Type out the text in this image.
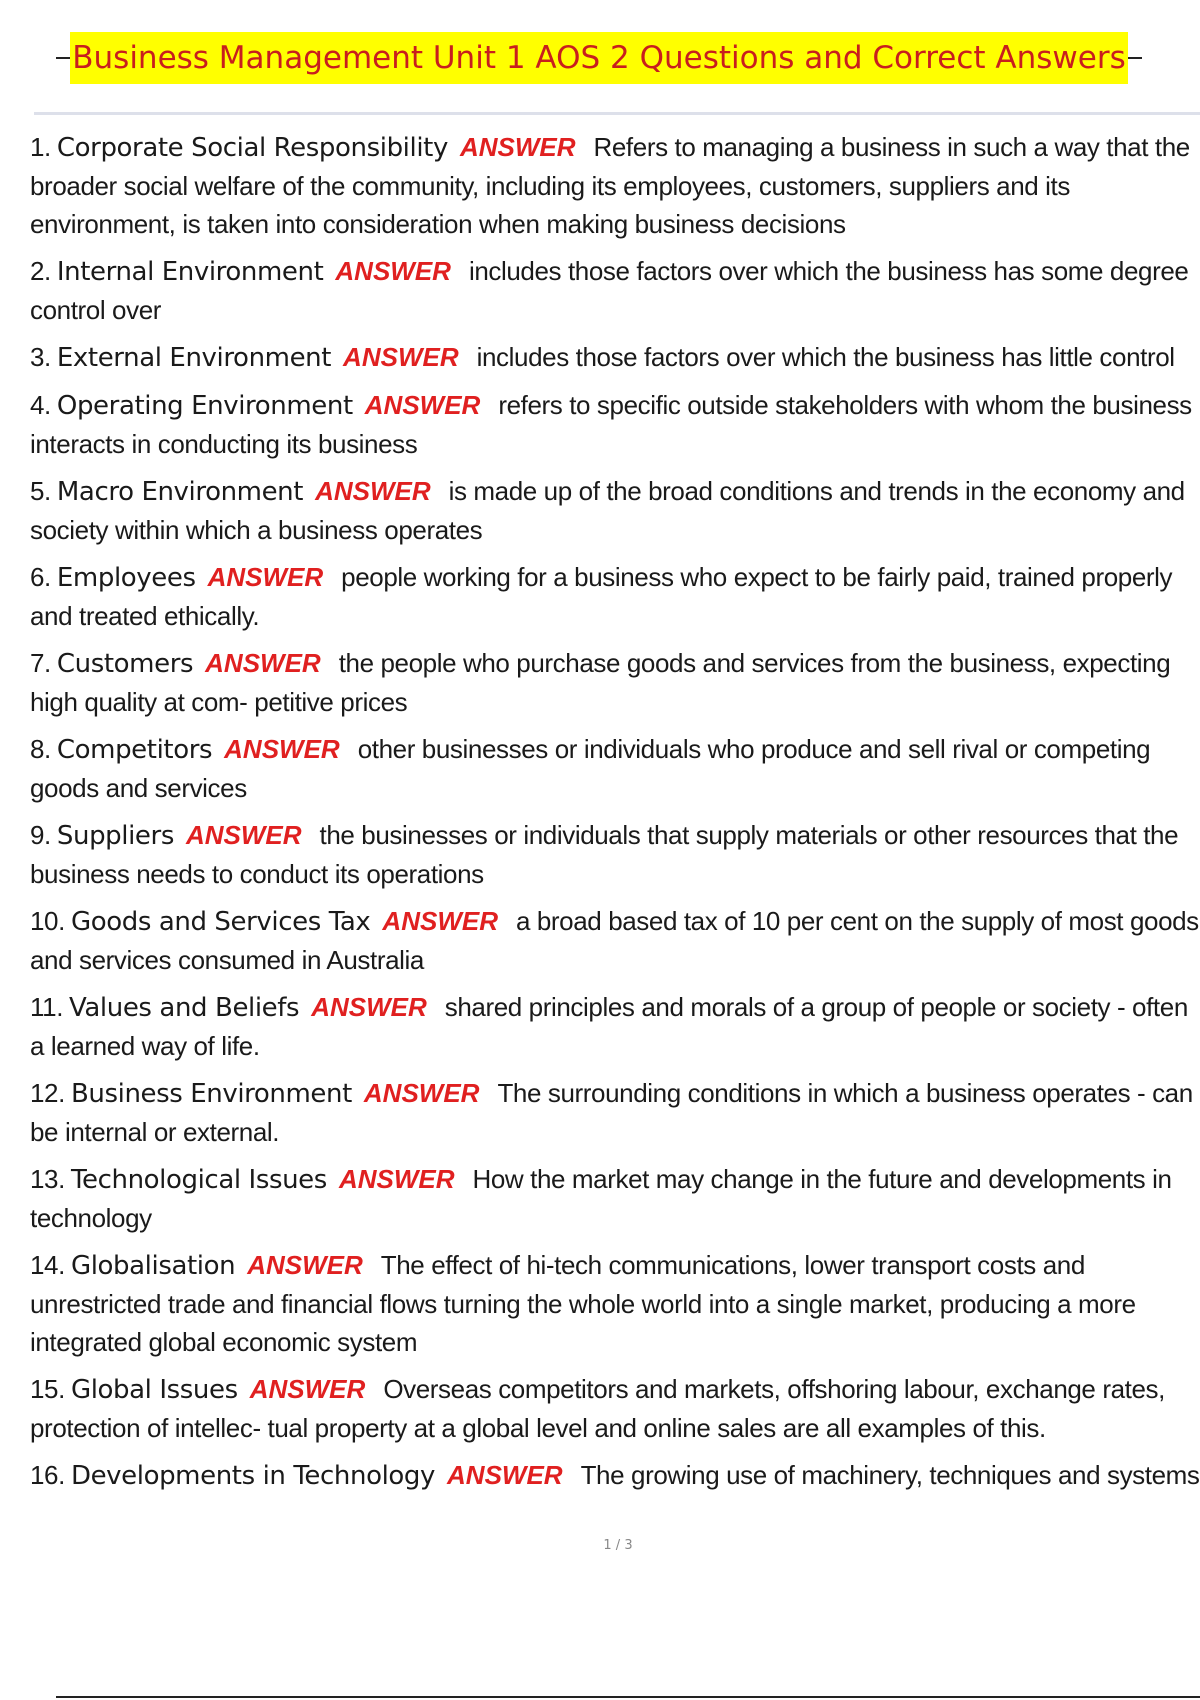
Business Management Unit 1 AOS 2 Questions and Correct Answers
1. Corporate Social Responsibility ANSWER Refers to managing a business in such a way that the broader social welfare of the community, including its employees, customers, suppliers and its environment, is taken into consideration when making business decisions
2. Internal Environment ANSWER includes those factors over which the business has some degree control over
3. External Environment ANSWER includes those factors over which the business has little control
4. Operating Environment ANSWER refers to specific outside stakeholders with whom the business interacts in conducting its business
5. Macro Environment ANSWER is made up of the broad conditions and trends in the economy and society within which a business operates
6. Employees ANSWER people working for a business who expect to be fairly paid, trained properly and treated ethically.
7. Customers ANSWER the people who purchase goods and services from the business, expecting high quality at com- petitive prices
8. Competitors ANSWER other businesses or individuals who produce and sell rival or competing goods and services
9. Suppliers ANSWER the businesses or individuals that supply materials or other resources that the business needs to conduct its operations
10. Goods and Services Tax ANSWER a broad based tax of 10 per cent on the supply of most goods and services consumed in Australia
11. Values and Beliefs ANSWER shared principles and morals of a group of people or society - often a learned way of life.
12. Business Environment ANSWER The surrounding conditions in which a business operates - can be internal or external.
13. Technological Issues ANSWER How the market may change in the future and developments in technology
14. Globalisation ANSWER The effect of hi-tech communications, lower transport costs and unrestricted trade and financial flows turning the whole world into a single market, producing a more integrated global economic system
15. Global Issues ANSWER Overseas competitors and markets, offshoring labour, exchange rates, protection of intellec- tual property at a global level and online sales are all examples of this.
16. Developments in Technology ANSWER The growing use of machinery, techniques and systems
1 / 3
